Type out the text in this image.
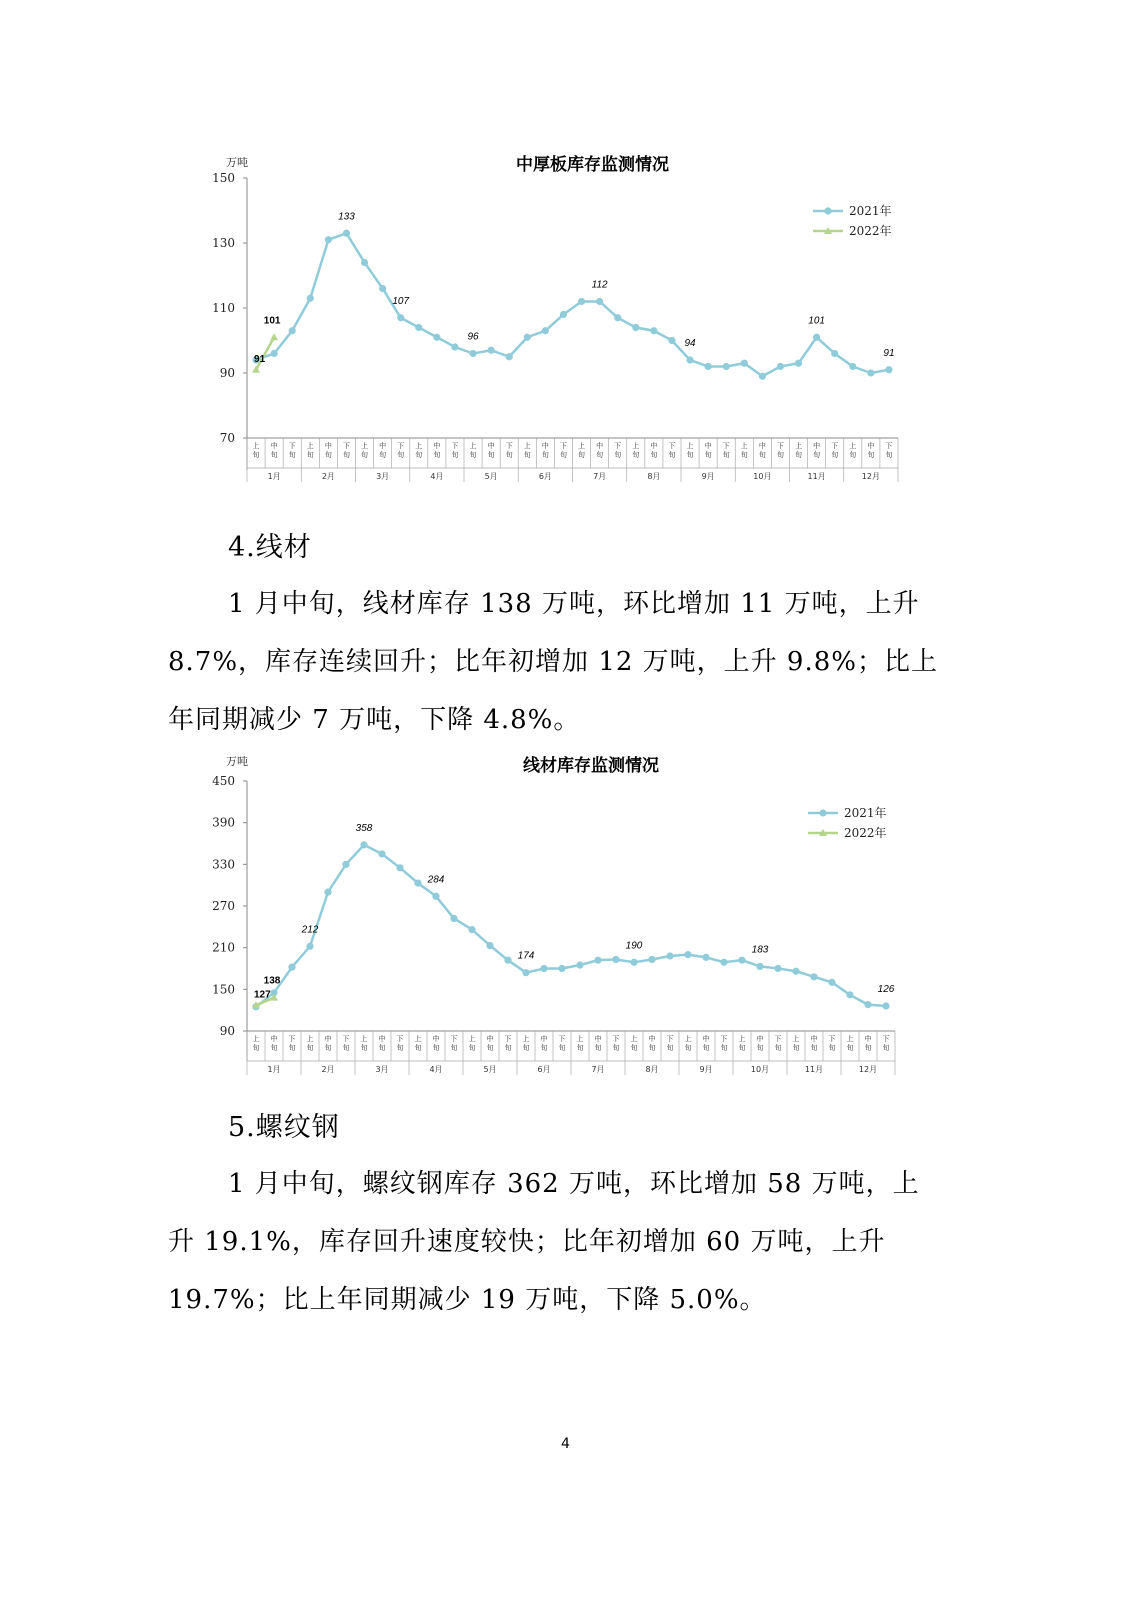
中厚板库存监测情况
万吨
70
90
110
130
150
上旬
中旬
下旬
上旬
中旬
下旬
上旬
中旬
下旬
上旬
中旬
下旬
上旬
中旬
下旬
上旬
中旬
下旬
上旬
中旬
下旬
上旬
中旬
下旬
上旬
中旬
下旬
上旬
中旬
下旬
上旬
中旬
下旬
上旬
中旬
下旬
1月	2月	3月	4月	5月	6月	7月	8月	9月	10月	11月	12月
133
107
96
112
94
101
91
91
101
2021年
2022年
4.线材
1 月中旬，线材库存 138 万吨，环比增加 11 万吨，上升
8.7%，库存连续回升；比年初增加 12 万吨，上升 9.8%；比上
年同期减少 7 万吨，下降 4.8%。
线材库存监测情况
万吨
90
150
210
270
330
390
450
上旬
中旬
下旬
上旬
中旬
下旬
上旬
中旬
下旬
上旬
中旬
下旬
上旬
中旬
下旬
上旬
中旬
下旬
上旬
中旬
下旬
上旬
中旬
下旬
上旬
中旬
下旬
上旬
中旬
下旬
上旬
中旬
下旬
上旬
中旬
下旬
1月	2月	3月	4月	5月	6月	7月	8月	9月	10月	11月	12月
212
358
284
174
190	183
126
127
138
2021年
2022年
5.螺纹钢
1 月中旬，螺纹钢库存 362 万吨，环比增加 58 万吨，上
升 19.1%，库存回升速度较快；比年初增加 60 万吨，上升
19.7%；比上年同期减少 19 万吨，下降 5.0%。
4
